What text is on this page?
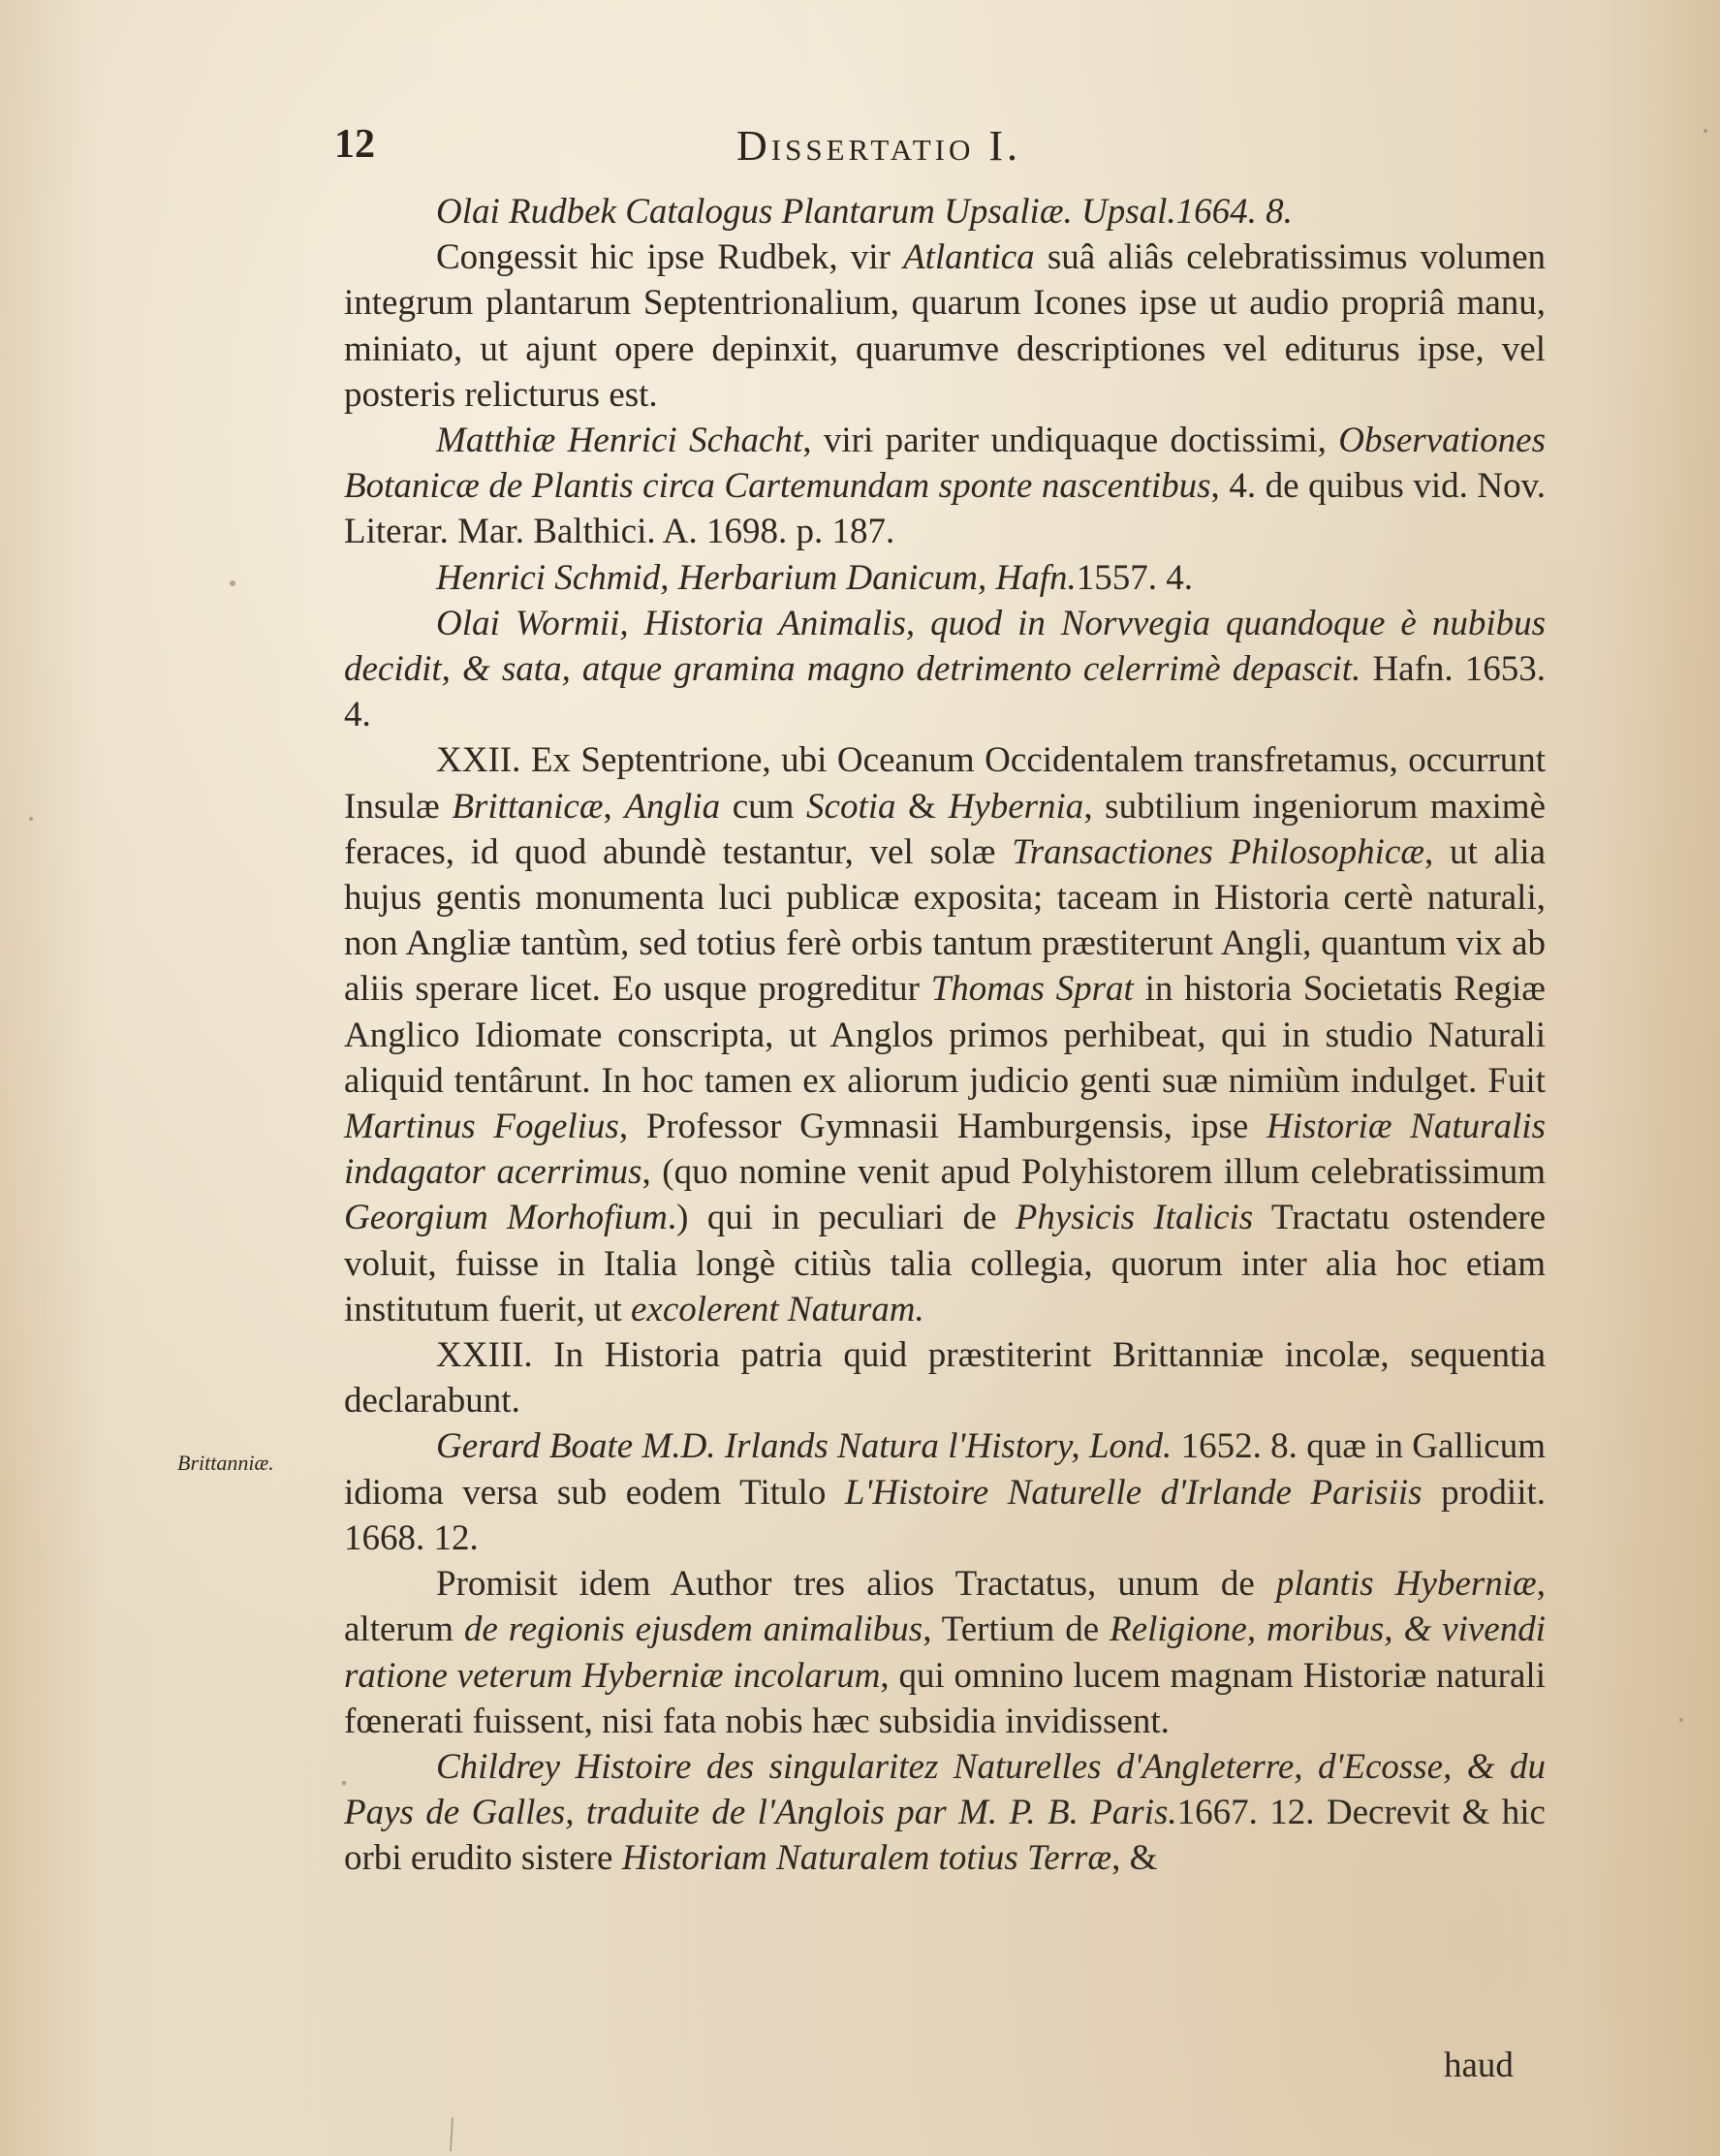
12	Dissertatio I.
Brittanniæ.

Olai Rudbek Catalogus Plantarum Upsaliæ. Upsal.1664. 8.

Congessit hic ipse Rudbek, vir Atlantica suâ aliâs celebratissimus volumen integrum plantarum Septentrionalium, quarum Icones ipse ut audio propriâ manu, miniato, ut ajunt opere depinxit, quarumve descriptiones vel editurus ipse, vel posteris relicturus est.

Matthiæ Henrici Schacht, viri pariter undiquaque doctissimi, Observationes Botanicæ de Plantis circa Cartemundam sponte nascentibus, 4. de quibus vid. Nov. Literar. Mar. Balthici. A. 1698. p. 187.

Henrici Schmid, Herbarium Danicum, Hafn.1557. 4.

Olai Wormii, Historia Animalis, quod in Norvvegia quandoque è nubibus decidit, & sata, atque gramina magno detrimento celerrimè depascit. Hafn. 1653. 4.

XXII. Ex Septentrione, ubi Oceanum Occidentalem transfretamus, occurrunt Insulæ Brittanicæ, Anglia cum Scotia & Hybernia, subtilium ingeniorum maximè feraces, id quod abundè testantur, vel solæ Transactiones Philosophicæ, ut alia hujus gentis monumenta luci publicæ exposita; taceam in Historia certè naturali, non Angliæ tantùm, sed totius ferè orbis tantum præstiterunt Angli, quantum vix ab aliis sperare licet. Eo usque progreditur Thomas Sprat in historia Societatis Regiæ Anglico Idiomate conscripta, ut Anglos primos perhibeat, qui in studio Naturali aliquid tentârunt. In hoc tamen ex aliorum judicio genti suæ nimiùm indulget. Fuit Martinus Fogelius, Professor Gymnasii Hamburgensis, ipse Historiæ Naturalis indagator acerrimus, (quo nomine venit apud Polyhistorem illum celebratissimum Georgium Morhofium.) qui in peculiari de Physicis Italicis Tractatu ostendere voluit, fuisse in Italia longè citiùs talia collegia, quorum inter alia hoc etiam institutum fuerit, ut excolerent Naturam.

XXIII. In Historia patria quid præstiterint Brittanniæ incolæ, sequentia declarabunt.

Gerard Boate M.D. Irlands Natura l'History, Lond. 1652. 8. quæ in Gallicum idioma versa sub eodem Titulo L'Histoire Naturelle d'Irlande Parisiis prodiit. 1668. 12.

Promisit idem Author tres alios Tractatus, unum de plantis Hyberniæ, alterum de regionis ejusdem animalibus, Tertium de Religione, moribus, & vivendi ratione veterum Hyberniæ incolarum, qui omnino lucem magnam Historiæ naturali fœnerati fuissent, nisi fata nobis hæc subsidia invidissent.

Childrey Histoire des singularitez Naturelles d'Angleterre, d'Ecosse, & du Pays de Galles, traduite de l'Anglois par M. P. B. Paris.1667. 12. Decrevit & hic orbi erudito sistere Historiam Naturalem totius Terræ, &

haud
